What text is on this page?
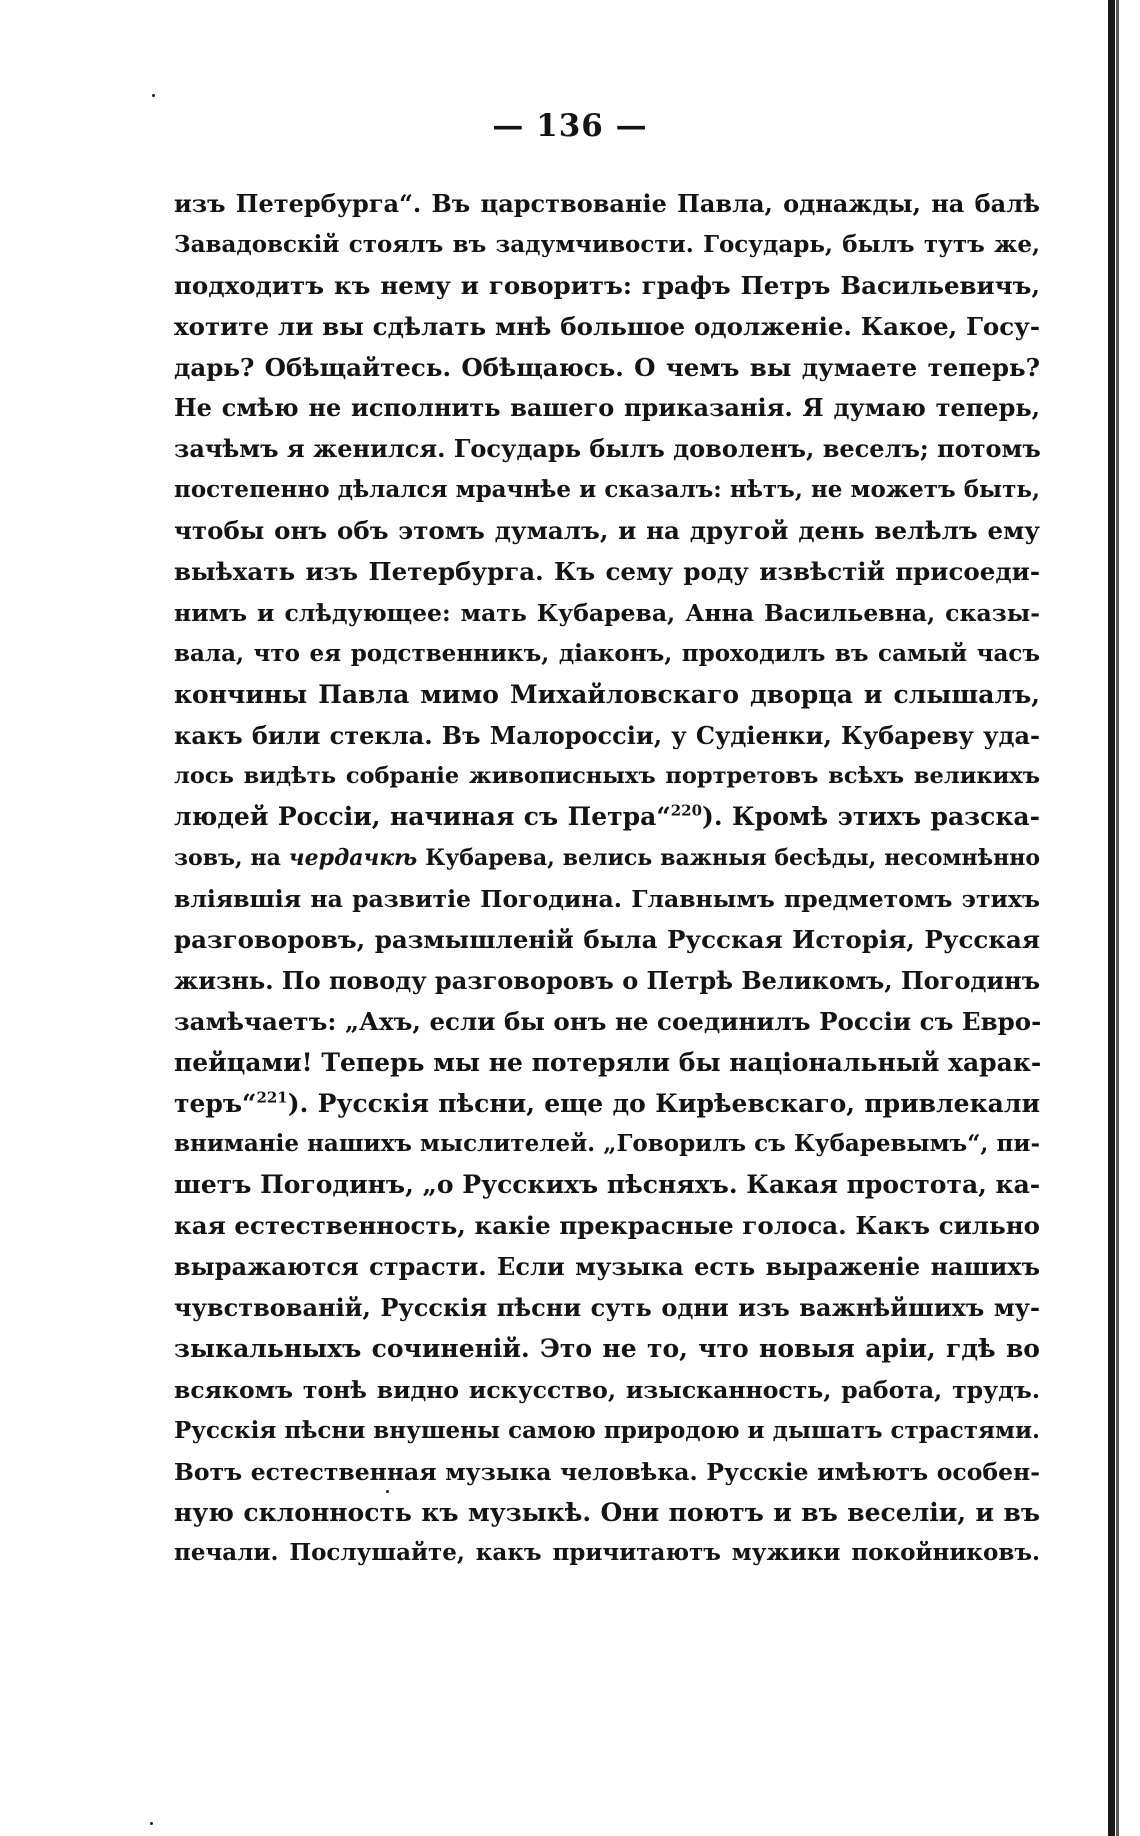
— 136 —
изъ Петербурга“. Въ царствованіе Павла, однажды, на балѣ
Завадовскій стоялъ въ задумчивости. Государь, былъ тутъ же,
подходитъ къ нему и говоритъ: графъ Петръ Васильевичъ,
хотите ли вы сдѣлать мнѣ большое одолженіе. Какое, Госу-
дарь? Обѣщайтесь. Обѣщаюсь. О чемъ вы думаете теперь?
Не смѣю не исполнить вашего приказанія. Я думаю теперь,
зачѣмъ я женился. Государь былъ доволенъ, веселъ; потомъ
постепенно дѣлался мрачнѣе и сказалъ: нѣтъ, не можетъ быть,
чтобы онъ объ этомъ думалъ, и на другой день велѣлъ ему
выѣхать изъ Петербурга. Къ сему роду извѣстій присоеди-
нимъ и слѣдующее: мать Кубарева, Анна Васильевна, сказы-
вала, что ея родственникъ, діаконъ, проходилъ въ самый часъ
кончины Павла мимо Михайловскаго дворца и слышалъ,
какъ били стекла. Въ Малороссіи, у Судіенки, Кубареву уда-
лось видѣть собраніе живописныхъ портретовъ всѣхъ великихъ
людей Россіи, начиная съ Петра“$^{220}$). Кромѣ этихъ разска-
зовъ, на чердачкѣ Кубарева, велись важныя бесѣды, несомнѣнно
вліявшія на развитіе Погодина. Главнымъ предметомъ этихъ
разговоровъ, размышленій была Русская Исторія, Русская
жизнь. По поводу разговоровъ о Петрѣ Великомъ, Погодинъ
замѣчаетъ: „Ахъ, если бы онъ не соединилъ Россіи съ Евро-
пейцами! Теперь мы не потеряли бы національный харак-
теръ“$^{221}$). Русскія пѣсни, еще до Кирѣевскаго, привлекали
вниманіе нашихъ мыслителей. „Говорилъ съ Кубаревымъ“, пи-
шетъ Погодинъ, „о Русскихъ пѣсняхъ. Какая простота, ка-
кая естественность, какіе прекрасные голоса. Какъ сильно
выражаются страсти. Если музыка есть выраженіе нашихъ
чувствованій, Русскія пѣсни суть одни изъ важнѣйшихъ му-
зыкальныхъ сочиненій. Это не то, что новыя аріи, гдѣ во
всякомъ тонѣ видно искусство, изысканность, работа, трудъ.
Русскія пѣсни внушены самою природою и дышатъ страстями.
Вотъ естественная музыка человѣка. Русскіе имѣютъ особен-
ную склонность къ музыкѣ. Они поютъ и въ веселіи, и въ
печали. Послушайте, какъ причитаютъ мужики покойниковъ.
